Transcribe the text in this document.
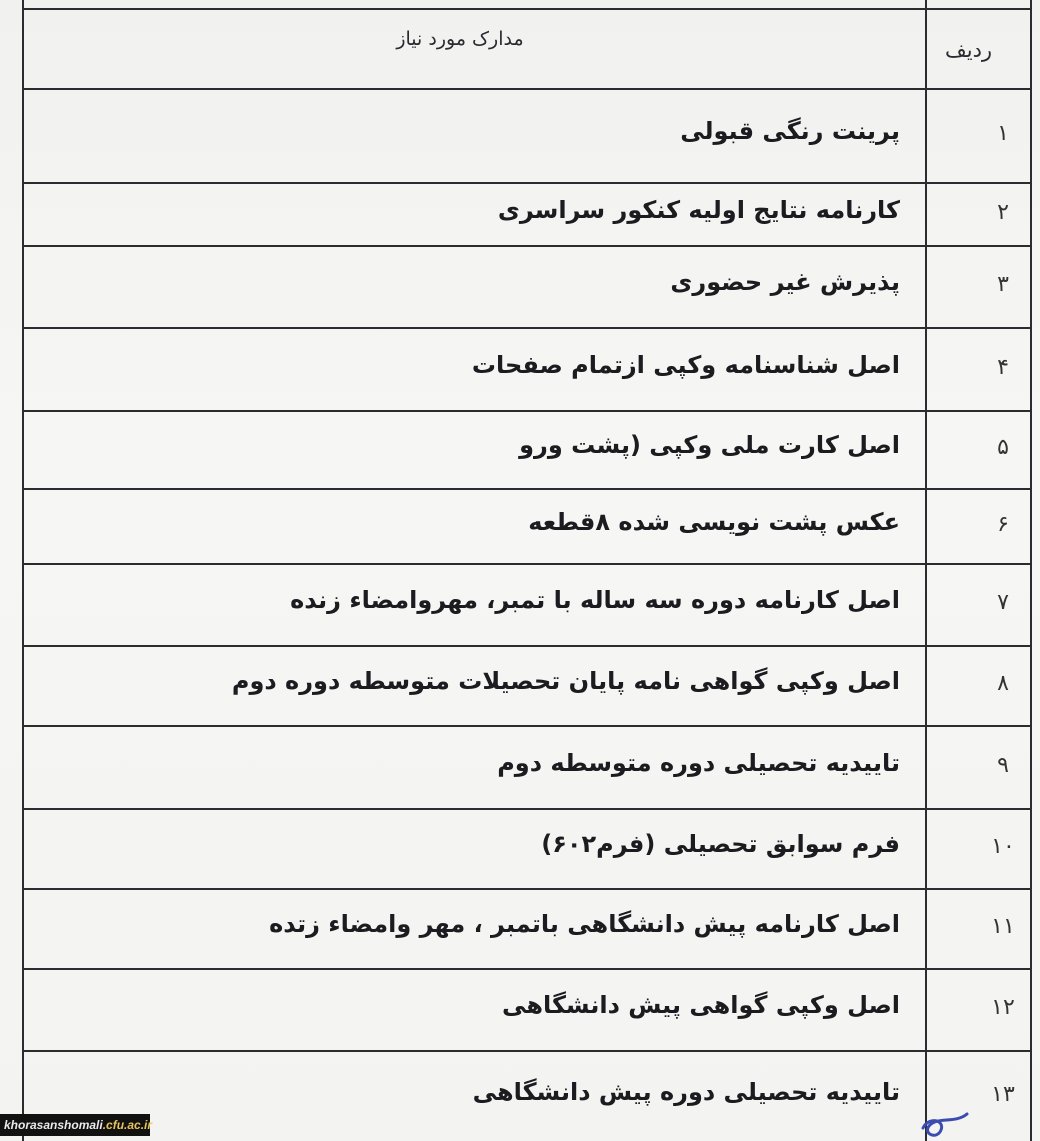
ردیف
مدارک مورد نیاز
۱
پرینت رنگی قبولی
۲
کارنامه نتایج اولیه کنکور سراسری
۳
پذیرش غیر حضوری
۴
اصل شناسنامه وکپی ازتمام صفحات
۵
اصل کارت ملی وکپی (پشت ورو
۶
عکس پشت نویسی شده ۸قطعه
۷
اصل کارنامه دوره سه ساله با تمبر، مهروامضاء زنده
۸
اصل وکپی گواهی نامه پایان تحصیلات متوسطه دوره دوم
۹
تاییدیه تحصیلی دوره متوسطه دوم
۱۰
فرم سوابق تحصیلی (فرم۶۰۲)
۱۱
اصل کارنامه پیش دانشگاهی باتمبر ، مهر وامضاء زتده
۱۲
اصل وکپی گواهی پیش دانشگاهی
۱۳
تاییدیه تحصیلی دوره پیش دانشگاهی
khorasanshomali.cfu.ac.ir
